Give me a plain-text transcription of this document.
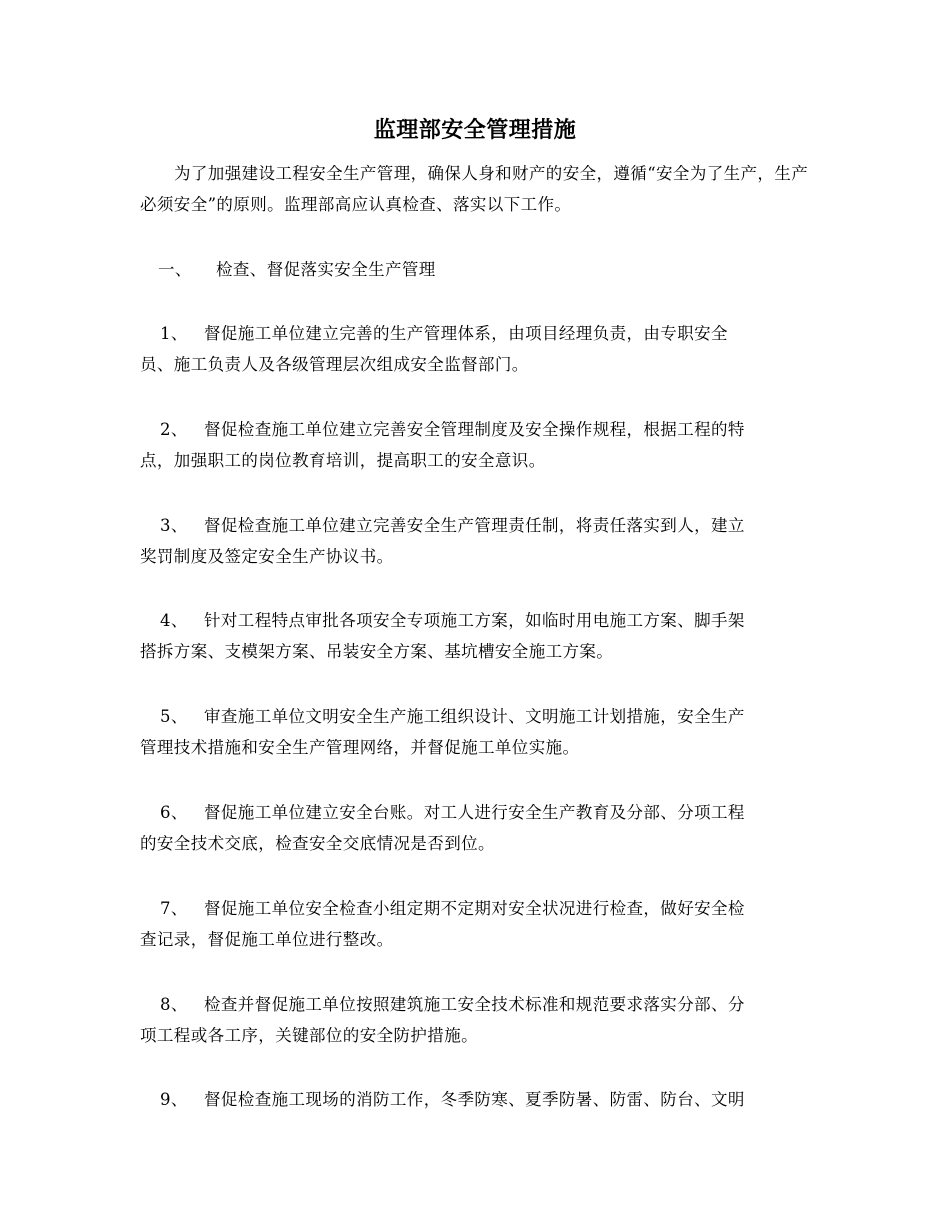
监理部安全管理措施
为了加强建设工程安全生产管理，确保人身和财产的安全，遵循“安全为了生产，生产必须安全”的原则。监理部高应认真检查、落实以下工作。
一、 检查、督促落实安全生产管理
1、 督促施工单位建立完善的生产管理体系，由项目经理负责，由专职安全
员、施工负责人及各级管理层次组成安全监督部门。
2、 督促检查施工单位建立完善安全管理制度及安全操作规程，根据工程的特
点，加强职工的岗位教育培训，提高职工的安全意识。
3、 督促检查施工单位建立完善安全生产管理责任制，将责任落实到人，建立
奖罚制度及签定安全生产协议书。
4、 针对工程特点审批各项安全专项施工方案，如临时用电施工方案、脚手架
搭拆方案、支模架方案、吊装安全方案、基坑槽安全施工方案。
5、 审查施工单位文明安全生产施工组织设计、文明施工计划措施，安全生产
管理技术措施和安全生产管理网络，并督促施工单位实施。
6、 督促施工单位建立安全台账。对工人进行安全生产教育及分部、分项工程
的安全技术交底，检查安全交底情况是否到位。
7、 督促施工单位安全检查小组定期不定期对安全状况进行检查，做好安全检
查记录，督促施工单位进行整改。
8、 检查并督促施工单位按照建筑施工安全技术标准和规范要求落实分部、分
项工程或各工序，关键部位的安全防护措施。
9、 督促检查施工现场的消防工作，冬季防寒、夏季防暑、防雷、防台、文明
